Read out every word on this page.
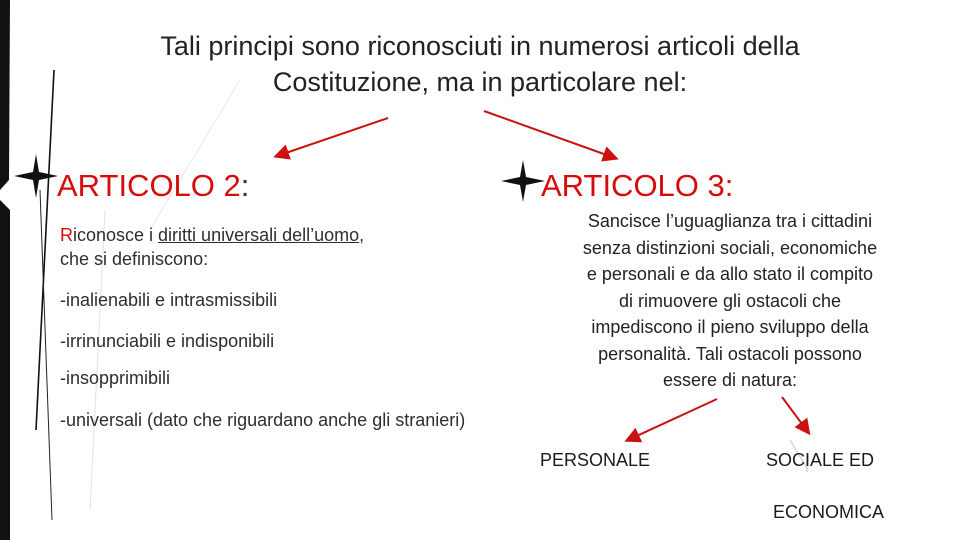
Tali principi sono riconosciuti in numerosi articoli della
Costituzione, ma in particolare nel:
ARTICOLO 2:
Riconosce i diritti universali dell’uomo,
che si definiscono:
-inalienabili e intrasmissibili
-irrinunciabili e indisponibili
-insopprimibili
-universali (dato che riguardano anche gli stranieri)
ARTICOLO 3:
Sancisce l’uguaglianza tra i cittadini
senza distinzioni sociali, economiche
e personali e da allo stato il compito
di rimuovere gli ostacoli che
impediscono il pieno sviluppo della
personalità. Tali ostacoli possono
essere di natura:
PERSONALE	SOCIALE ED
ECONOMICA
